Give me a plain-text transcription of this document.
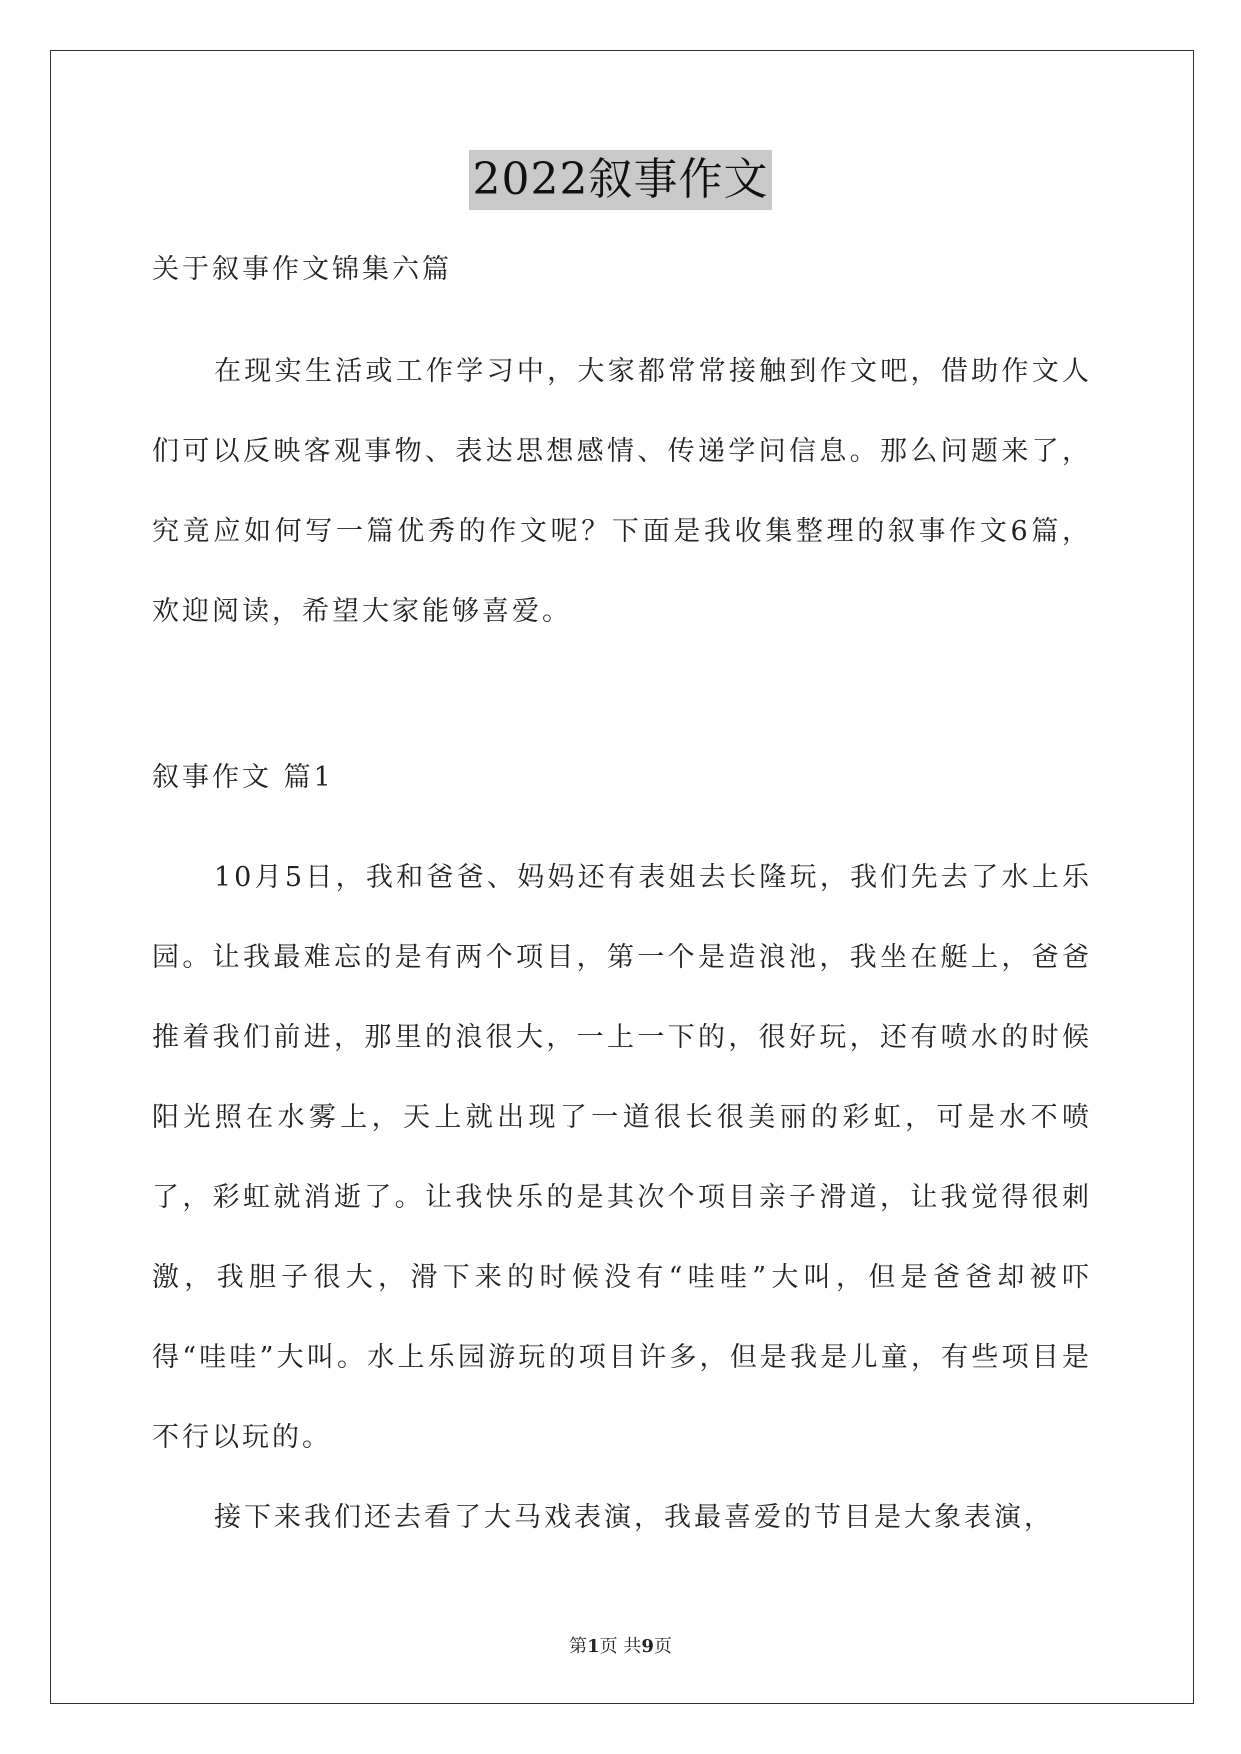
2022叙事作文
关于叙事作文锦集六篇
在现实生活或工作学习中，大家都常常接触到作文吧，借助作文人们可以反映客观事物、表达思想感情、传递学问信息。那么问题来了，究竟应如何写一篇优秀的作文呢？下面是我收集整理的叙事作文6篇，欢迎阅读，希望大家能够喜爱。
叙事作文 篇1
10月5日，我和爸爸、妈妈还有表姐去长隆玩，我们先去了水上乐园。让我最难忘的是有两个项目，第一个是造浪池，我坐在艇上，爸爸推着我们前进，那里的浪很大，一上一下的，很好玩，还有喷水的时候阳光照在水雾上，天上就出现了一道很长很美丽的彩虹，可是水不喷了，彩虹就消逝了。让我快乐的是其次个项目亲子滑道，让我觉得很刺激，我胆子很大，滑下来的时候没有“哇哇”大叫，但是爸爸却被吓得“哇哇”大叫。水上乐园游玩的项目许多，但是我是儿童，有些项目是不行以玩的。
接下来我们还去看了大马戏表演，我最喜爱的节目是大象表演，
第1页 共9页
